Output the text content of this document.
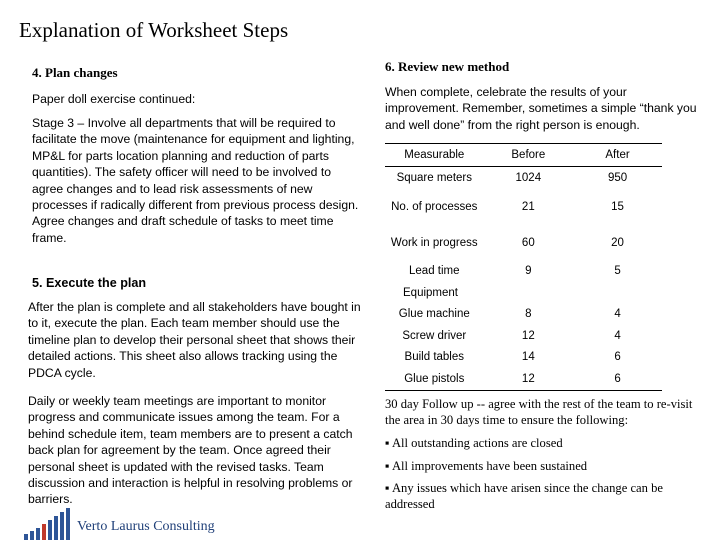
Explanation of Worksheet Steps
4. Plan changes
Paper doll exercise continued:
Stage 3 – Involve all departments that will be required to facilitate the move (maintenance for equipment and lighting, MP&L for parts location planning and reduction of parts quantities). The safety officer will need to be involved to agree changes and to lead risk assessments of new processes if radically different from previous process design. Agree changes and draft schedule of tasks to meet time frame.
5. Execute the plan
After the plan is complete and all stakeholders have bought in to it, execute the plan. Each team member should use the timeline plan to develop their personal sheet that shows their detailed actions. This sheet also allows tracking using the PDCA cycle.
Daily or weekly team meetings are important to monitor progress and communicate issues among the team. For a behind schedule item, team members are to present a catch back plan for agreement by the team. Once agreed their personal sheet is updated with the revised tasks. Team discussion and interaction is helpful in resolving problems or barriers.
6. Review new method
When complete, celebrate the results of your improvement. Remember, sometimes a simple “thank you and well done” from the right person is enough.
Measurable	Before	After
Square meters	1024	950
No. of processes	21	15
Work in progress	60	20
Lead time	9	5
Equipment		
Glue machine	8	4
Screw driver	12	4
Build tables	14	6
Glue pistols	12	6
30 day Follow up -- agree with the rest of the team to re-visit the area in 30 days time to ensure the following:
▪ All outstanding actions are closed
▪ All improvements have been sustained
▪ Any issues which have arisen since the change can be addressed
Verto Laurus Consulting
